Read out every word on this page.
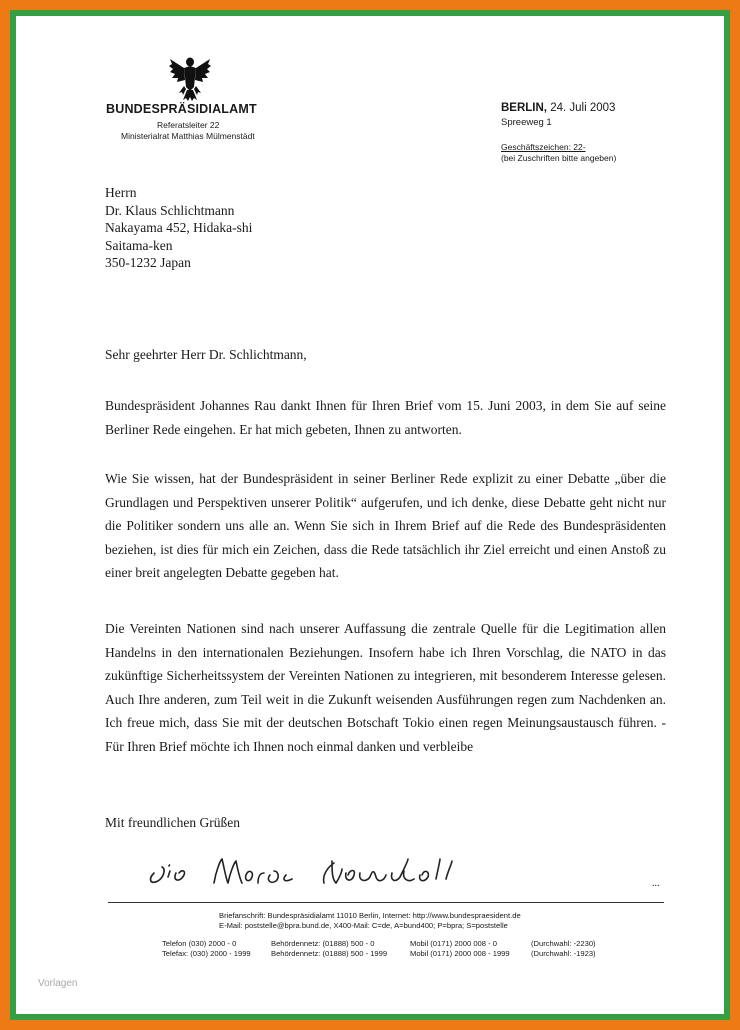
BUNDESPRÄSIDIALAMT
Referatsleiter 22
Ministerialrat Matthias Mülmenstädt
BERLIN, 24. Juli 2003
Spreeweg 1
Geschäftszeichen: 22-
(bei Zuschriften bitte angeben)
Herrn
Dr. Klaus Schlichtmann
Nakayama 452, Hidaka-shi
Saitama-ken
350-1232 Japan
Sehr geehrter Herr Dr. Schlichtmann,
Bundespräsident Johannes Rau dankt Ihnen für Ihren Brief vom 15. Juni 2003, in dem Sie auf seine Berliner Rede eingehen. Er hat mich gebeten, Ihnen zu antworten.
Wie Sie wissen, hat der Bundespräsident in seiner Berliner Rede explizit zu einer Debatte „über die Grundlagen und Perspektiven unserer Politik“ aufgerufen, und ich denke, diese Debatte geht nicht nur die Politiker sondern uns alle an. Wenn Sie sich in Ihrem Brief auf die Rede des Bundespräsidenten beziehen, ist dies für mich ein Zeichen, dass die Rede tatsächlich ihr Ziel erreicht und einen Anstoß zu einer breit angelegten Debatte gegeben hat.
Die Vereinten Nationen sind nach unserer Auffassung die zentrale Quelle für die Legitimation allen Handelns in den internationalen Beziehungen. Insofern habe ich Ihren Vorschlag, die NATO in das zukünftige Sicherheitssystem der Vereinten Nationen zu integrieren, mit besonderem Interesse gelesen. Auch Ihre anderen, zum Teil weit in die Zukunft weisenden Ausführungen regen zum Nachdenken an. Ich freue mich, dass Sie mit der deutschen Botschaft Tokio einen regen Meinungsaustausch führen. - Für Ihren Brief möchte ich Ihnen noch einmal danken und verbleibe
Mit freundlichen Grüßen
...
Briefanschrift: Bundespräsidialamt 11010 Berlin, Internet: http://www.bundespraesident.de
E-Mail: poststelle@bpra.bund.de, X400-Mail: C=de, A=bund400; P=bpra; S=poststelle
Telefon (030) 2000 - 0	Behördennetz: (01888) 500 - 0	Mobil (0171) 2000 008 - 0	(Durchwahl: -2230)
Telefax: (030) 2000 - 1999	Behördennetz: (01888) 500 - 1999	Mobil (0171) 2000 008 - 1999	(Durchwahl: -1923)
Vorlagen
